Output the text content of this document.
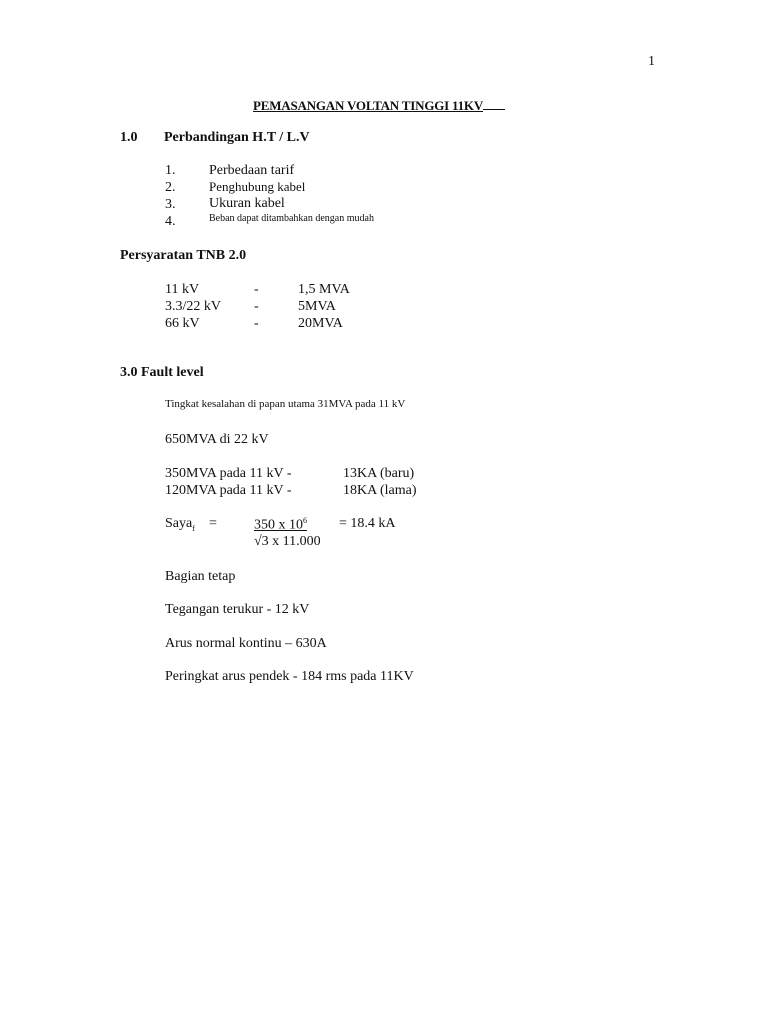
1
PEMASANGAN VOLTAN TINGGI 11KV
1.0 Perbandingan H.T / L.V
1. Perbedaan tarif
2.	Penghubung kabel
3. Ukuran kabel
4.	Beban dapat ditambahkan dengan mudah
Persyaratan TNB 2.0
11 kV	-	1,5 MVA
3.3/22 kV -	5MVA
66 kV	-	20MVA
3.0 Fault level
Tingkat kesalahan di papan utama 31MVA pada 11 kV
650MVA di 22 kV
350MVA pada 11 kV -	13KA (baru)
120MVA pada 11 kV -	18KA (lama)
Saya$_f$ =	350 x $10^6 = 18.4$ kA
√3 x 11.000
Bagian tetap
Tegangan terukur - 12 kV
Arus normal kontinu – 630A
Peringkat arus pendek - 184 rms pada 11KV
